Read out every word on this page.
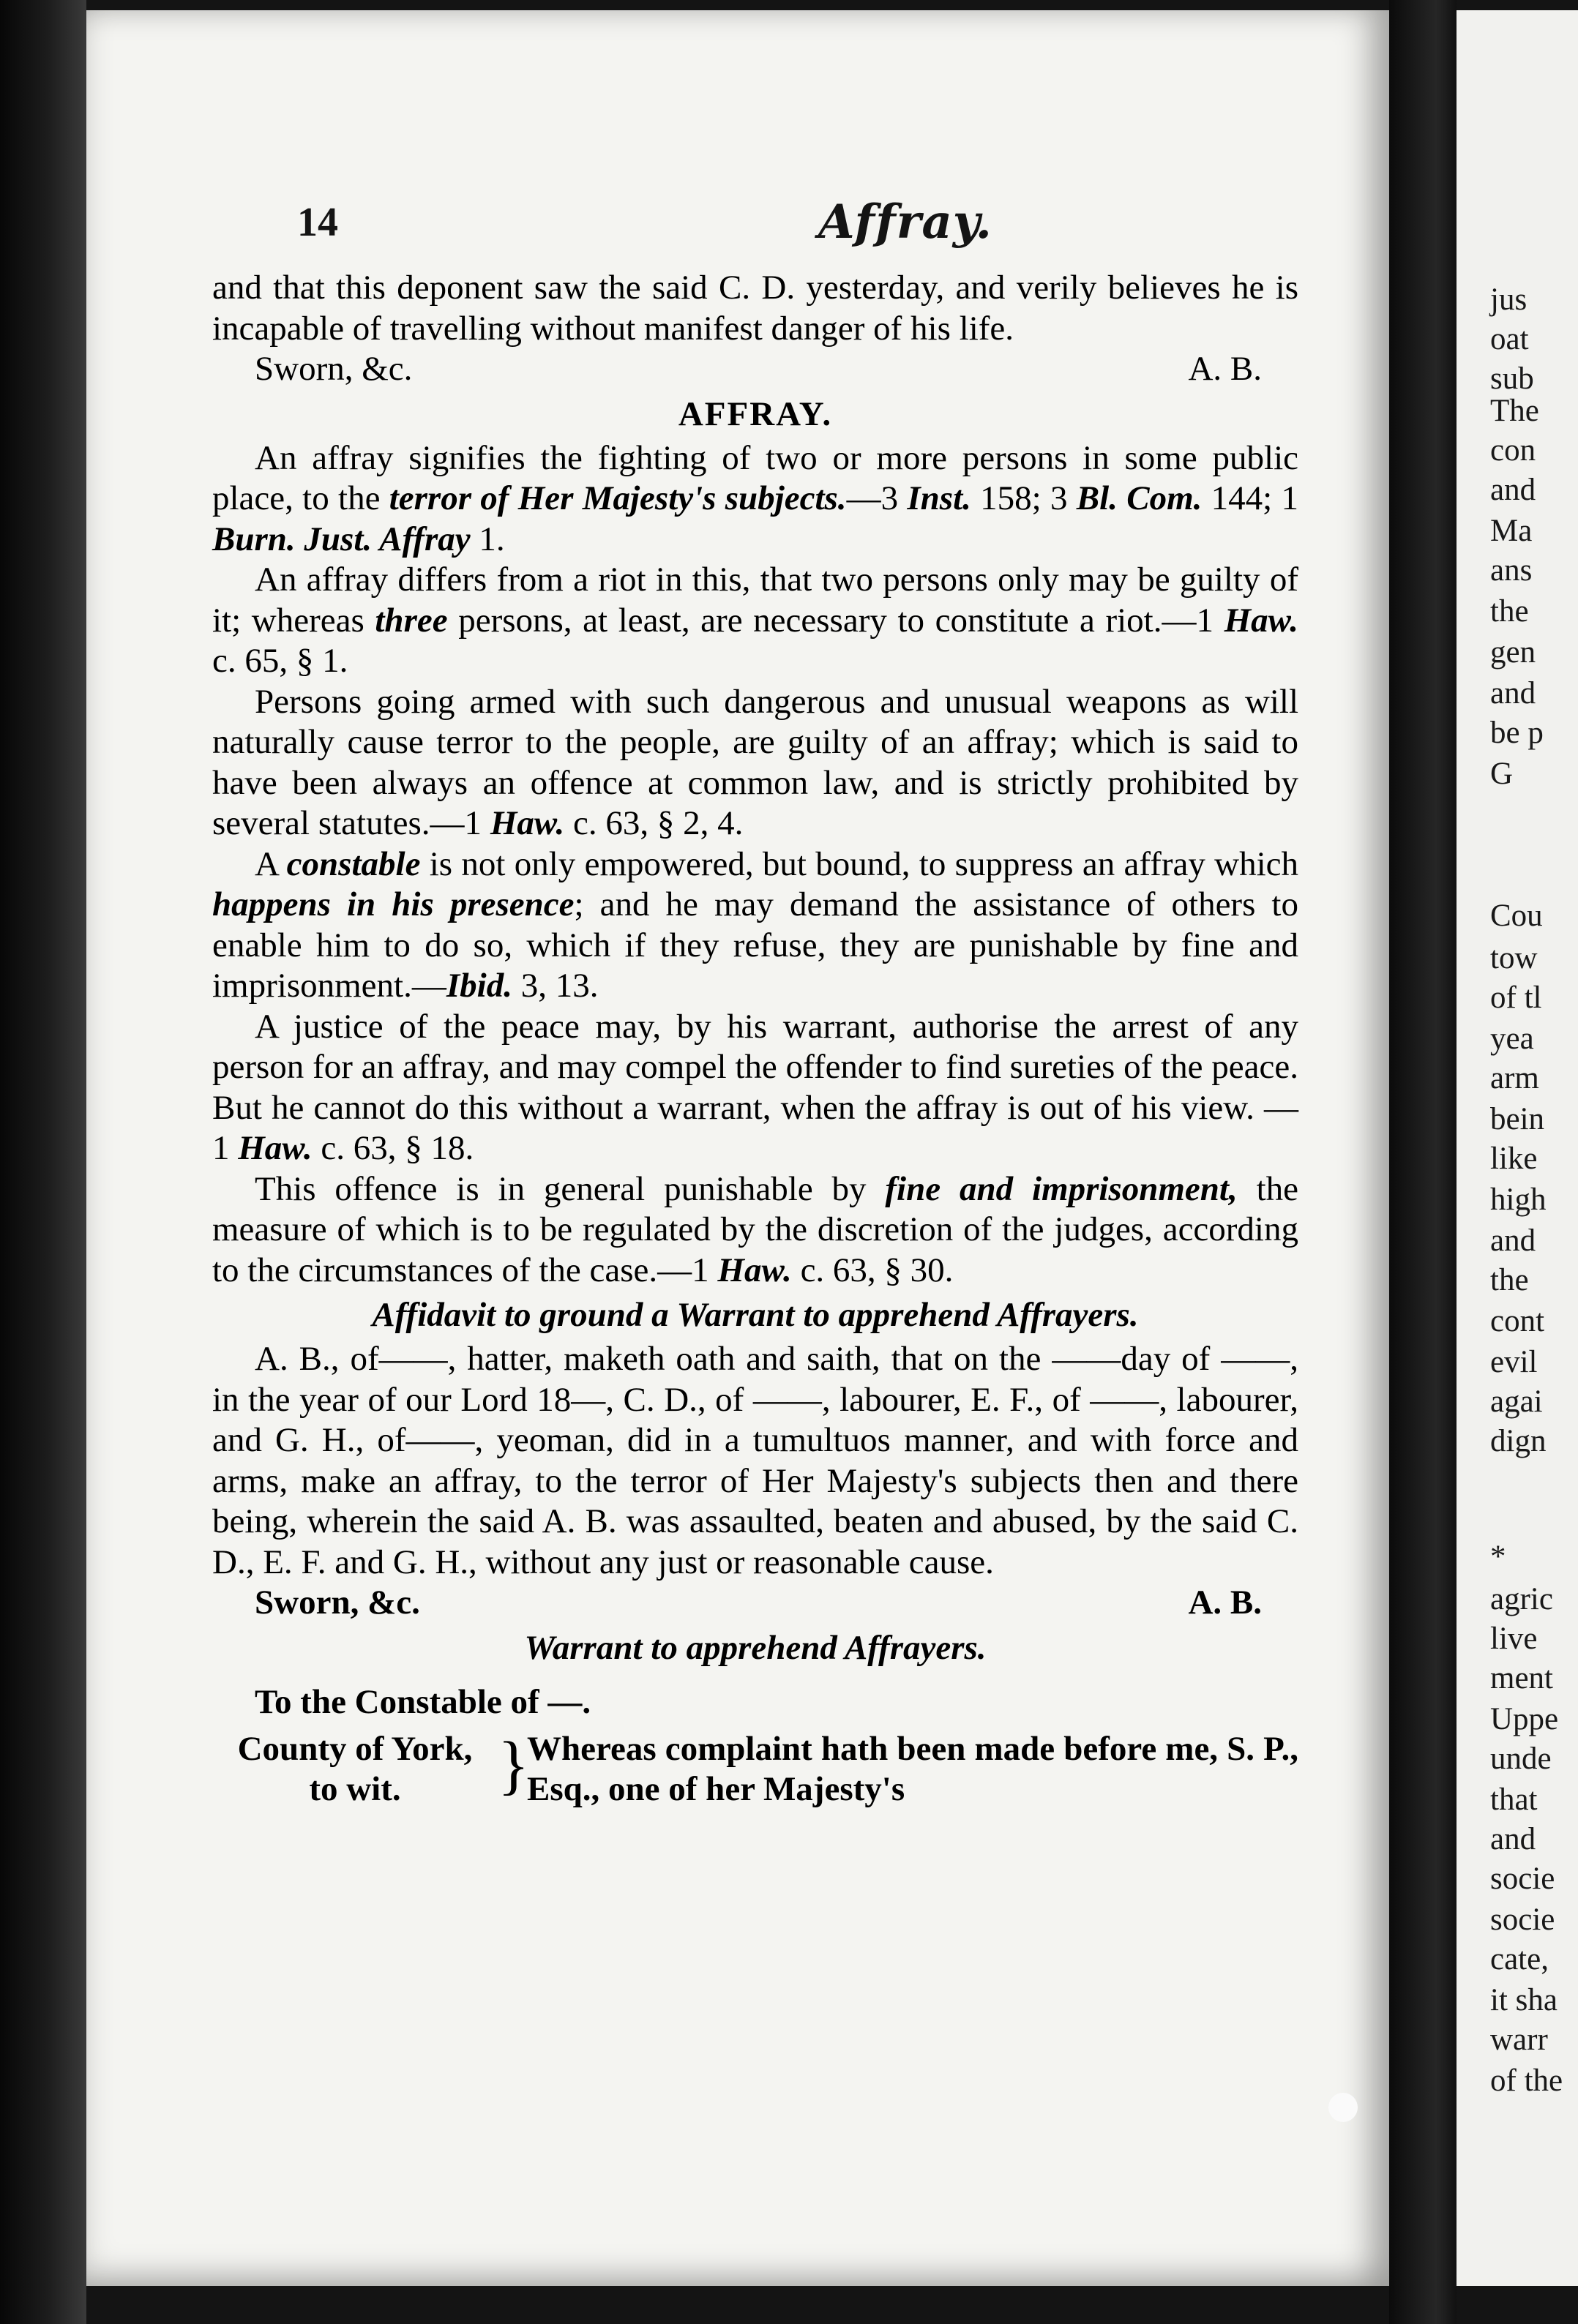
14	Affray.

and that this deponent saw the said C. D. yesterday, and verily believes he is incapable of travelling without manifest danger of his life.

Sworn, &c.	A. B.
AFFRAY.

An affray signifies the fighting of two or more persons in some public place, to the terror of Her Majesty's subjects.—3 Inst. 158; 3 Bl. Com. 144; 1 Burn. Just. Affray 1.

An affray differs from a riot in this, that two persons only may be guilty of it; whereas three persons, at least, are necessary to constitute a riot.—1 Haw. c. 65, § 1.

Persons going armed with such dangerous and unusual weapons as will naturally cause terror to the people, are guilty of an affray; which is said to have been always an offence at common law, and is strictly prohibited by several statutes.—1 Haw. c. 63, § 2, 4.

A constable is not only empowered, but bound, to suppress an affray which happens in his presence; and he may demand the assistance of others to enable him to do so, which if they refuse, they are punishable by fine and imprisonment.—Ibid. 3, 13.

A justice of the peace may, by his warrant, authorise the arrest of any person for an affray, and may compel the offender to find sureties of the peace. But he cannot do this without a warrant, when the affray is out of his view. —1 Haw. c. 63, § 18.

This offence is in general punishable by fine and imprisonment, the measure of which is to be regulated by the discretion of the judges, according to the circumstances of the case.—1 Haw. c. 63, § 30.

Affidavit to ground a Warrant to apprehend Affrayers.

A. B., of——, hatter, maketh oath and saith, that on the ——day of ——, in the year of our Lord 18—, C. D., of ——, labourer, E. F., of ——, labourer, and G. H., of——, yeoman, did in a tumultuos manner, and with force and arms, make an affray, to the terror of Her Majesty's subjects then and there being, wherein the said A. B. was assaulted, beaten and abused, by the said C. D., E. F. and G. H., without any just or reasonable cause.

Sworn, &c.	A. B.
Warrant to apprehend Affrayers.
To the Constable of —.
County of York,
to wit.	}
Whereas complaint hath been made before me, S. P., Esq., one of her Majesty's
jus
oat
sub
The
con
and
Ma
ans
the
gen
and
be p
G
Cou
tow
of tl
yea
arm
bein
like
high
and
the
cont
evil
agai
dign
*
agric
live
ment
Uppe
unde
that
and
socie
socie
cate,
it sha
warr
of the
